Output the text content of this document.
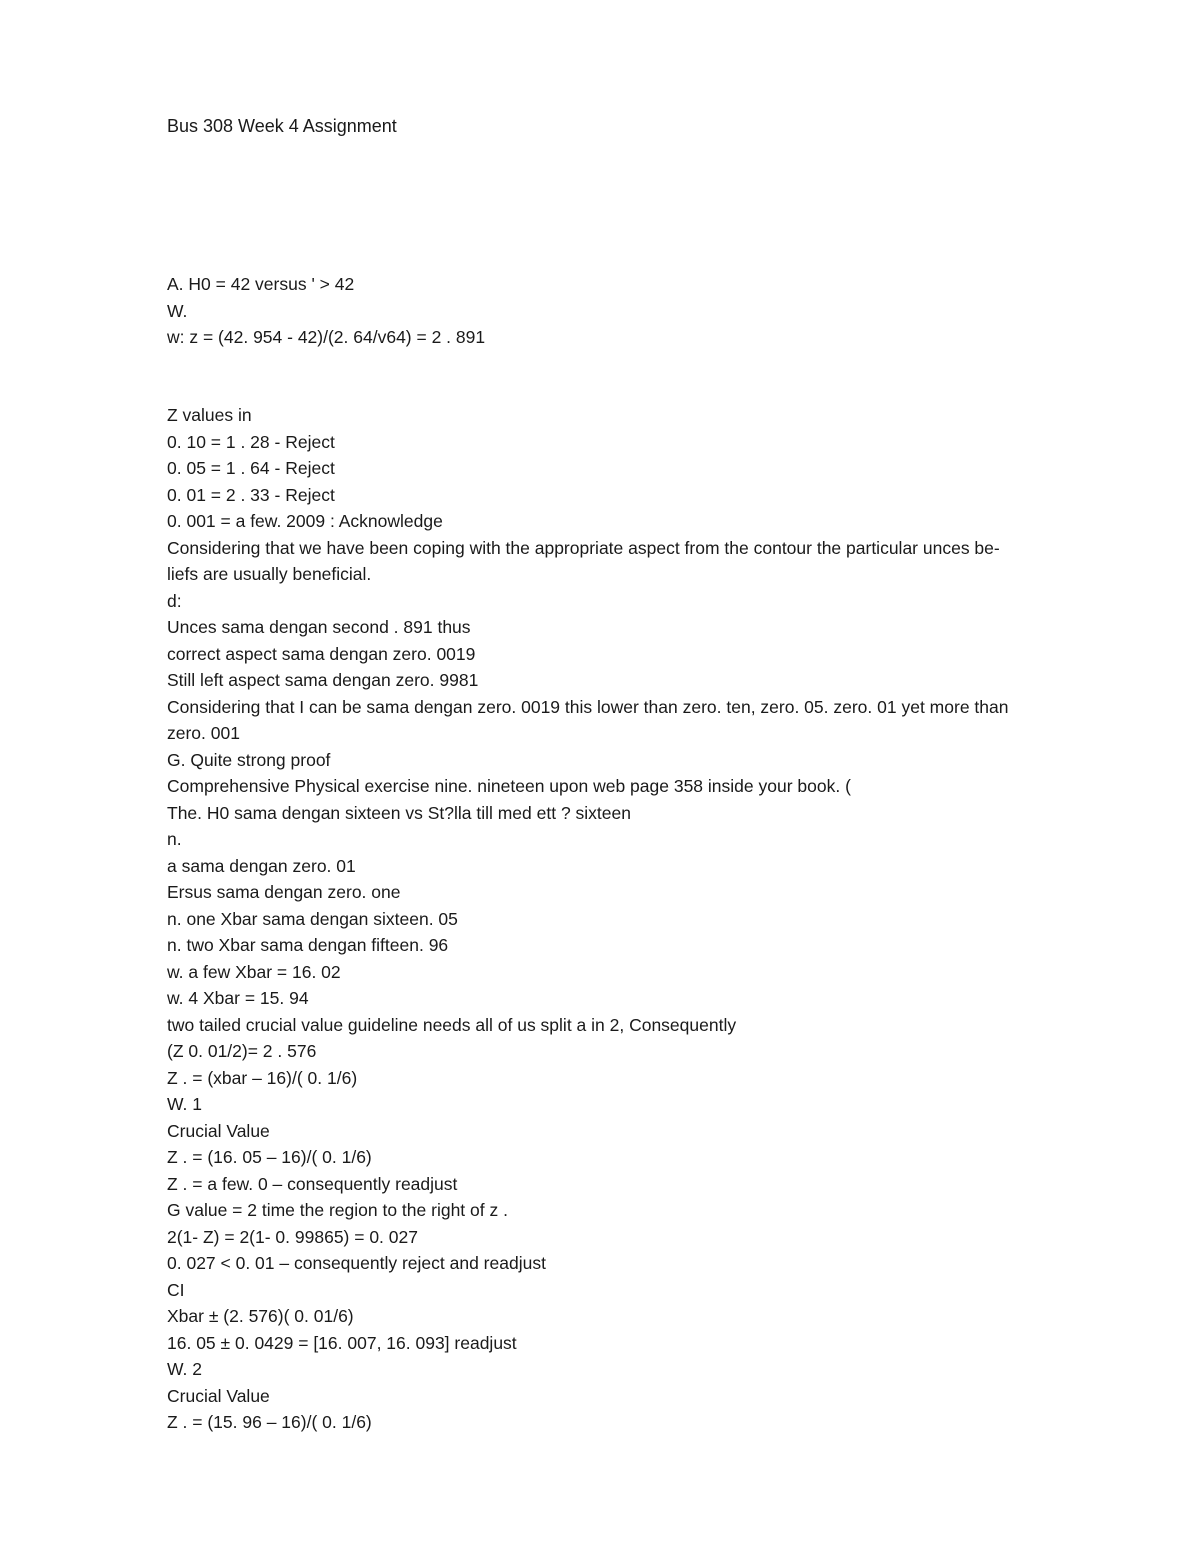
Bus 308 Week 4 Assignment
A. H0 = 42 versus ' > 42
W.
w: z = (42. 954 - 42)/(2. 64/v64) = 2 . 891
Z values in
0. 10 = 1 . 28 - Reject
0. 05 = 1 . 64 - Reject
0. 01 = 2 . 33 - Reject
0. 001 = a few. 2009 : Acknowledge
Considering that we have been coping with the appropriate aspect from the contour the particular unces be-
liefs are usually beneficial.
d:
Unces sama dengan second . 891 thus
correct aspect sama dengan zero. 0019
Still left aspect sama dengan zero. 9981
Considering that I can be sama dengan zero. 0019 this lower than zero. ten, zero. 05. zero. 01 yet more than
zero. 001
G. Quite strong proof
Comprehensive Physical exercise nine. nineteen upon web page 358 inside your book. (
The. H0 sama dengan sixteen vs St?lla till med ett ? sixteen
n.
a sama dengan zero. 01
Ersus sama dengan zero. one
n. one Xbar sama dengan sixteen. 05
n. two Xbar sama dengan fifteen. 96
w. a few Xbar = 16. 02
w. 4 Xbar = 15. 94
two tailed crucial value guideline needs all of us split a in 2, Consequently
(Z 0. 01/2)= 2 . 576
Z . = (xbar – 16)/( 0. 1/6)
W. 1
Crucial Value
Z . = (16. 05 – 16)/( 0. 1/6)
Z . = a few. 0 – consequently readjust
G value = 2 time the region to the right of z .
2(1- Z) = 2(1- 0. 99865) = 0. 027
0. 027 < 0. 01 – consequently reject and readjust
CI
Xbar ± (2. 576)( 0. 01/6)
16. 05 ± 0. 0429 = [16. 007, 16. 093] readjust
W. 2
Crucial Value
Z . = (15. 96 – 16)/( 0. 1/6)
